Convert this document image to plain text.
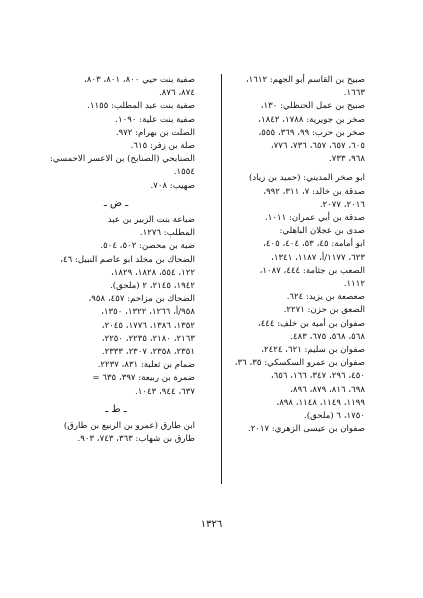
صبيح بن القاسم أبو الجهم: ١٦١٢،
١٦٦٣.
صبيح بن عمل الحنظلي: ١٣٠،
صخر بن جويرية: ١٧٨٨، ١٨٤٢،
صخر بن حرب: ٩٩، ٣٦٩، ٥٥٥،
٦٠٥، ٦٥٧، ٦٥٧، ٧٣٦، ٧٧٦،
٩٦٨، ٧٣٣.
ابو صخر المديني: (حميد بن زياد)
صدقة بن خالد: ٧، ٣١١، ٩٩٢،
٢٠١٦، ٢٠٧٧.
صدقة بن أبي عمران: ١٠١١.
صدى بن عجلان الباهلي:
ابو أمامة: ٤٥، ٥٣، ٤٠٤، ٤٠٥،
٦٢٣، ١١٧٧/أ، ١١٨٧، ١٣٤١،
الصعب بن جثامة: ٤٤٤، ١٠٨٧،
١١١٢.
صعصعة بن يزيد: ٦٢٤.
الصعق بن حزن: ٢٢٧١.
صفوان بن أمية بن خلف: ٤٤٤،
٥٦٨، ٥٦٨، ٦٧٥، ٤٨٣.
صفوان بن سليم: ٦٢١، ٢٤٢٤،
صفوان بن عمرو السكسكي: ٣٥، ٣٦،
٤٥٠، ٢٩٦، ٣٤٧، ١٦٦، ٦٥٦،
٦٩٨، ٨١٦، ٨٧٩، ٨٩٦،
١١٩٩، ١١٤٩، ١١٤٨، ٨٩٨،
١٧٥٠، ٦ (ملحق).
صفوان بن عيسى الزهري: ٢٠١٧.
صفية بنت حيي ٨٠٠، ٨٠١، ٨٠٣،
٨٧٤، ٨٧٦.
صفية بنت عبد المطلب: ١١٥٥.
صفية بنت علية: ١٠٩٠.
الصلت بن بهرام: ٩٧٢.
صلة بن زفر: ٦١٥.
الصنابحي (الصنابح) بن الاعسر الاحمسي:
١٥٥٤.
صهيب: ٧٠٨.
ـ ض ـ
ضباعة بنت الزبير بن عبد
المطلب: ١٢٧٦.
ضبة بن محصن: ٥٠٢، ٥٠٤.
الضحاك بن مخلد ابو عاصم النبيل: ٤٦،
١٢٢، ٥٥٤، ١٨٢٨، ١٨٢٩،
١٩٤٢، ٢١٤٥، ٢ (ملحق).
الضحاك بن مزاحم: ٤٥٧، ٩٥٨،
٩٥٨/أ، ١٢٦٦، ١٣٢٢، ١٣٥٠،
١٣٥٢، ١٣٨٦، ١٧٧٦، ٢٠٤٥،
٢١٦٣، ٢١٨٠، ٢٢٣٥، ٢٢٥٠،
٢٣٥١، ٢٣٥٨، ٢٣٠٧، ٢٣٣٣.
ضمام بن ثعلبة: ٨٣١، ٢٢٣٧.
ضمرة بن ربيعة: ٣٩٧، ٦٣٥ =
٦٣٧، ٩٤٤، ١٠٤٣.
ـ ط ـ
ابن طارق (عمرو بن الربيع بن طارق)
طارق بن شهاب: ٣٦٣، ٧٤٣، ٩٠٣.
١٣٢٦
